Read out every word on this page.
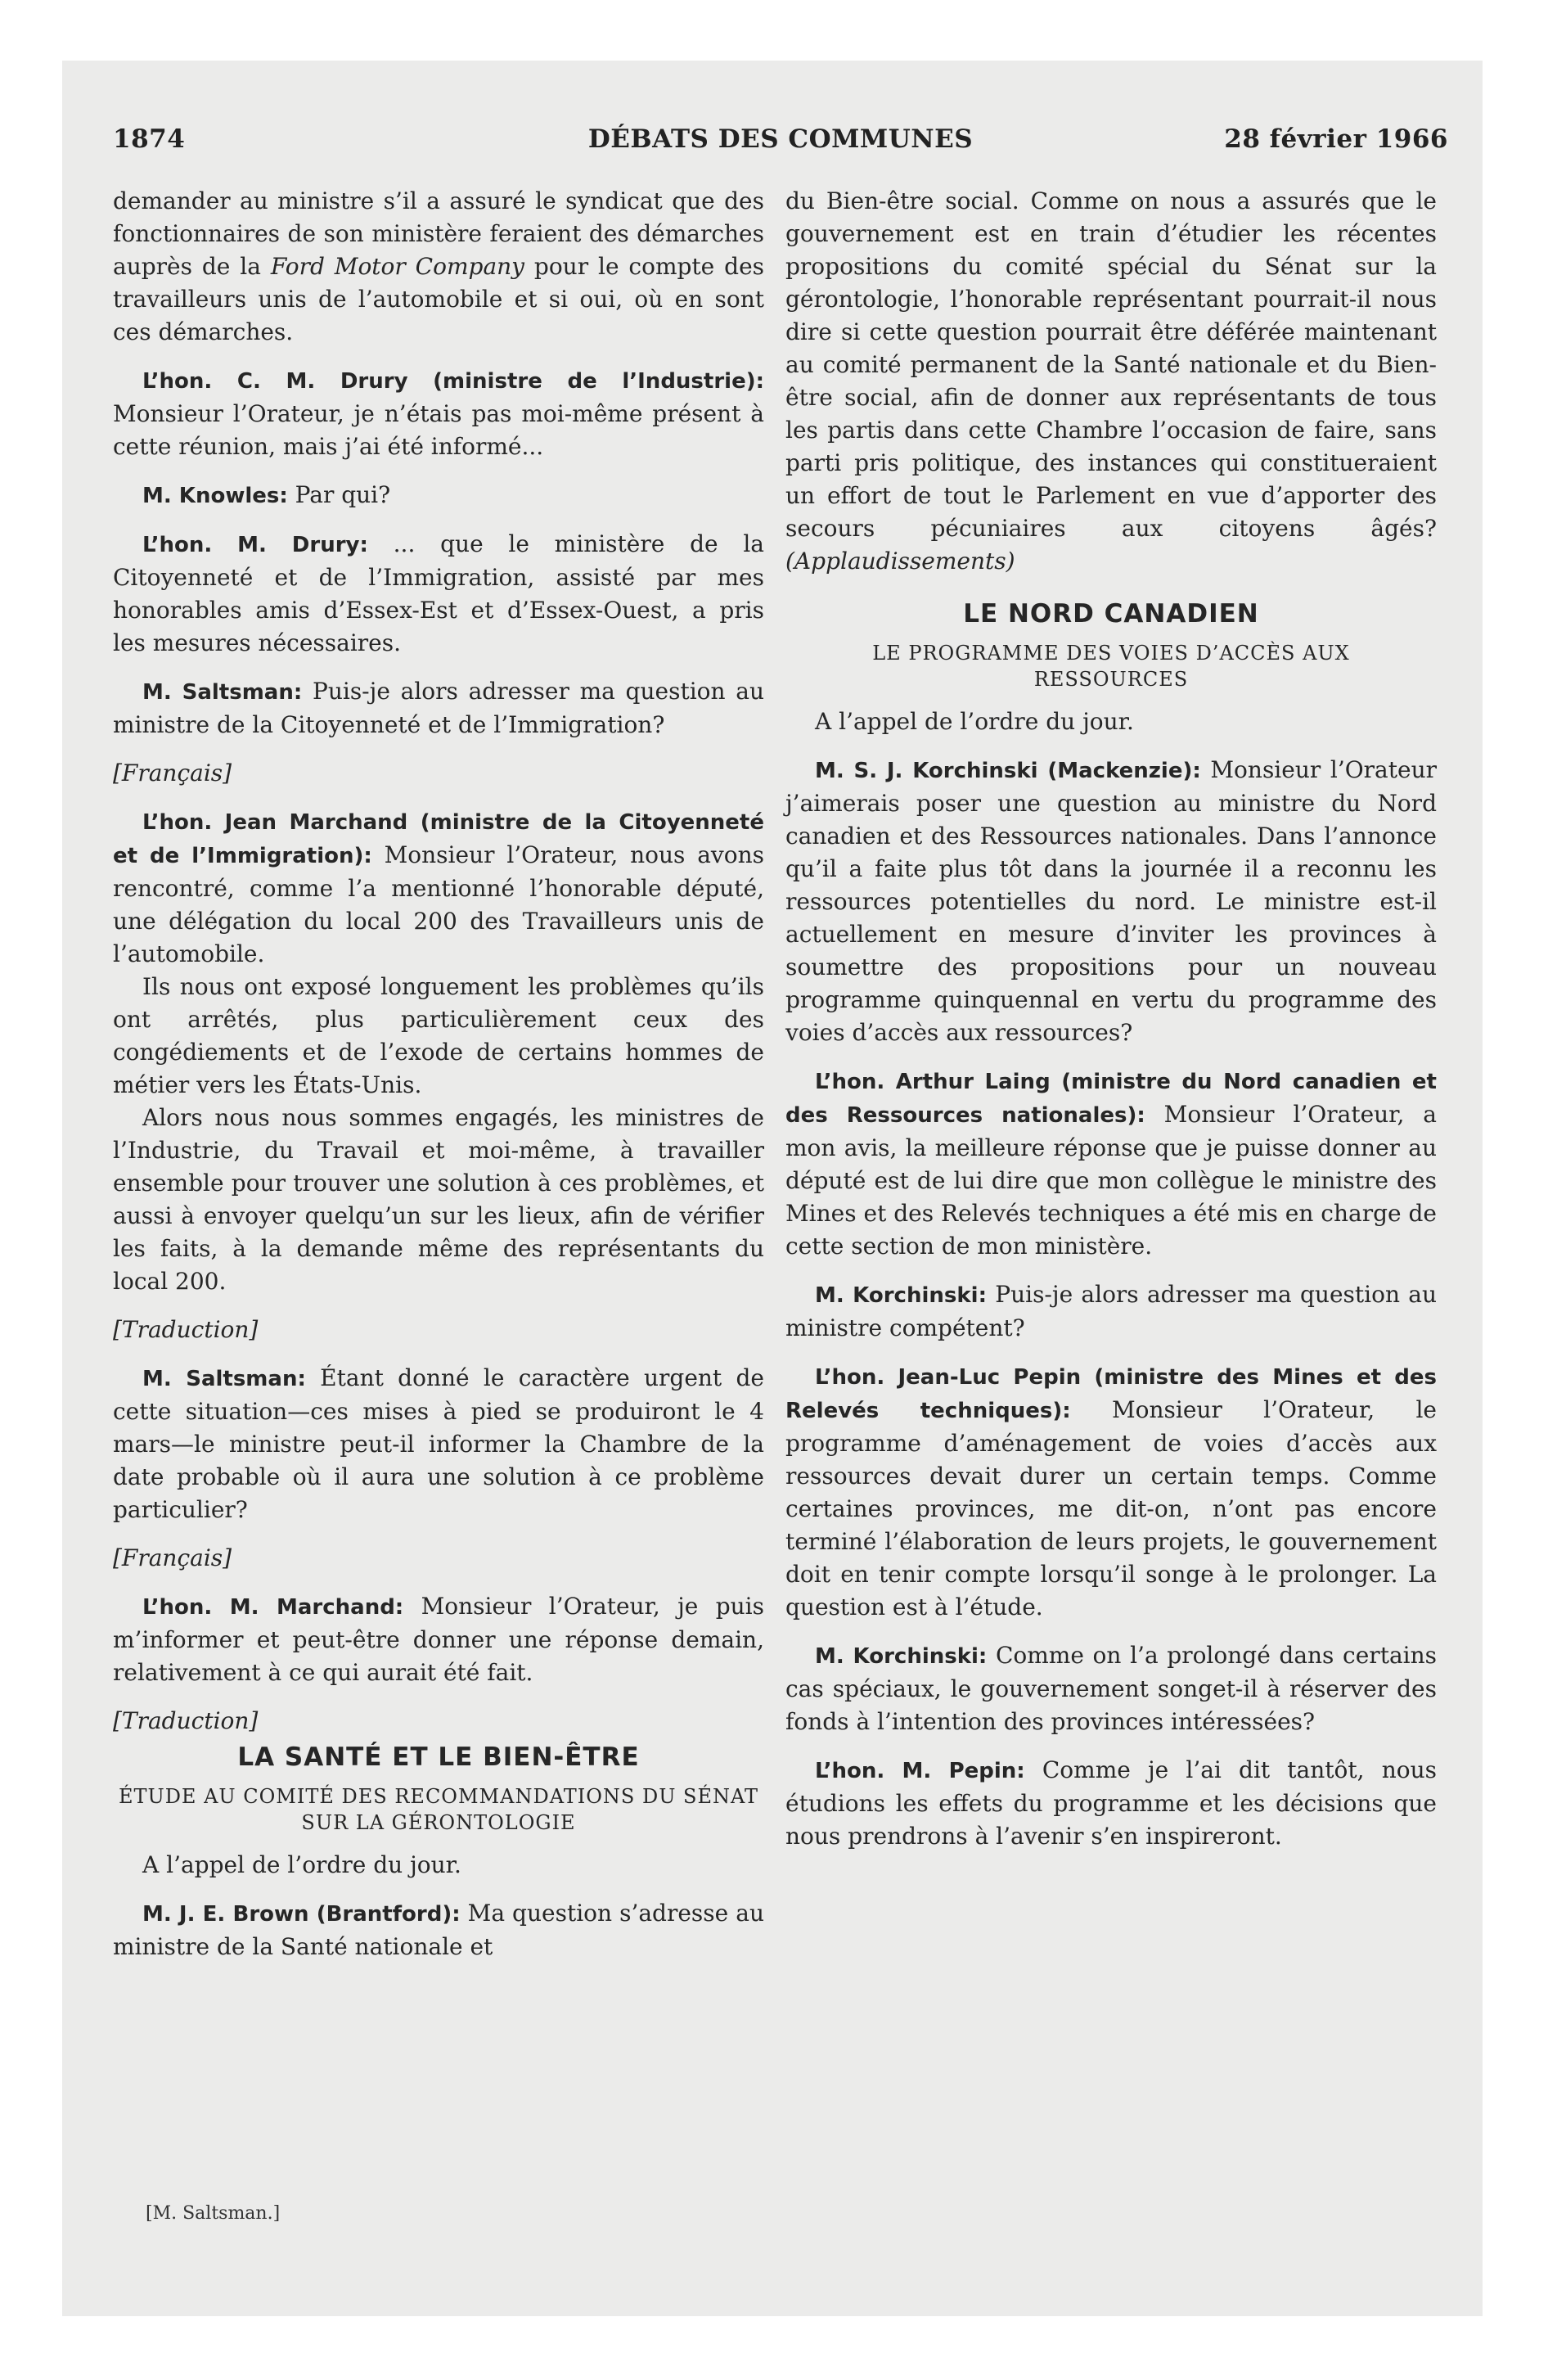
1874	DÉBATS DES COMMUNES	28 février 1966

demander au ministre s’il a assuré le syndicat que des fonctionnaires de son ministère feraient des démarches auprès de la Ford Motor Company pour le compte des travailleurs unis de l’automobile et si oui, où en sont ces démarches.

L’hon. C. M. Drury (ministre de l’Industrie): Monsieur l’Orateur, je n’étais pas moi-même présent à cette réunion, mais j’ai été informé...

M. Knowles: Par qui?

L’hon. M. Drury: ... que le ministère de la Citoyenneté et de l’Immigration, assisté par mes honorables amis d’Essex-Est et d’Essex-Ouest, a pris les mesures nécessaires.

M. Saltsman: Puis-je alors adresser ma question au ministre de la Citoyenneté et de l’Immigration?

[Français]

L’hon. Jean Marchand (ministre de la Citoyenneté et de l’Immigration): Monsieur l’Orateur, nous avons rencontré, comme l’a mentionné l’honorable député, une délégation du local 200 des Travailleurs unis de l’automobile.

Ils nous ont exposé longuement les problèmes qu’ils ont arrêtés, plus particulièrement ceux des congédiements et de l’exode de certains hommes de métier vers les États-Unis.

Alors nous nous sommes engagés, les ministres de l’Industrie, du Travail et moi-même, à travailler ensemble pour trouver une solution à ces problèmes, et aussi à envoyer quelqu’un sur les lieux, afin de vérifier les faits, à la demande même des représentants du local 200.

[Traduction]

M. Saltsman: Étant donné le caractère urgent de cette situation—ces mises à pied se produiront le 4 mars—le ministre peut-il informer la Chambre de la date probable où il aura une solution à ce problème particulier?

[Français]

L’hon. M. Marchand: Monsieur l’Orateur, je puis m’informer et peut-être donner une réponse demain, relativement à ce qui aurait été fait.

[Traduction]

LA SANTÉ ET LE BIEN-ÊTRE
ÉTUDE AU COMITÉ DES RECOMMANDATIONS DU SÉNAT SUR LA GÉRONTOLOGIE

A l’appel de l’ordre du jour.

M. J. E. Brown (Brantford): Ma question s’adresse au ministre de la Santé nationale et

du Bien-être social. Comme on nous a assurés que le gouvernement est en train d’étudier les récentes propositions du comité spécial du Sénat sur la gérontologie, l’honorable représentant pourrait-il nous dire si cette question pourrait être déférée maintenant au comité permanent de la Santé nationale et du Bien-être social, afin de donner aux représentants de tous les partis dans cette Chambre l’occasion de faire, sans parti pris politique, des instances qui constitueraient un effort de tout le Parlement en vue d’apporter des secours pécuniaires aux citoyens âgés? (Applaudissements)

LE NORD CANADIEN
LE PROGRAMME DES VOIES D’ACCÈS AUX RESSOURCES

A l’appel de l’ordre du jour.

M. S. J. Korchinski (Mackenzie): Monsieur l’Orateur j’aimerais poser une question au ministre du Nord canadien et des Ressources nationales. Dans l’annonce qu’il a faite plus tôt dans la journée il a reconnu les ressources potentielles du nord. Le ministre est-il actuellement en mesure d’inviter les provinces à soumettre des propositions pour un nouveau programme quinquennal en vertu du programme des voies d’accès aux ressources?

L’hon. Arthur Laing (ministre du Nord canadien et des Ressources nationales): Monsieur l’Orateur, a mon avis, la meilleure réponse que je puisse donner au député est de lui dire que mon collègue le ministre des Mines et des Relevés techniques a été mis en charge de cette section de mon ministère.

M. Korchinski: Puis-je alors adresser ma question au ministre compétent?

L’hon. Jean-Luc Pepin (ministre des Mines et des Relevés techniques): Monsieur l’Orateur, le programme d’aménagement de voies d’accès aux ressources devait durer un certain temps. Comme certaines provinces, me dit-on, n’ont pas encore terminé l’élaboration de leurs projets, le gouvernement doit en tenir compte lorsqu’il songe à le prolonger. La question est à l’étude.

M. Korchinski: Comme on l’a prolongé dans certains cas spéciaux, le gouvernement songet-il à réserver des fonds à l’intention des provinces intéressées?

L’hon. M. Pepin: Comme je l’ai dit tantôt, nous étudions les effets du programme et les décisions que nous prendrons à l’avenir s’en inspireront.

[M. Saltsman.]
